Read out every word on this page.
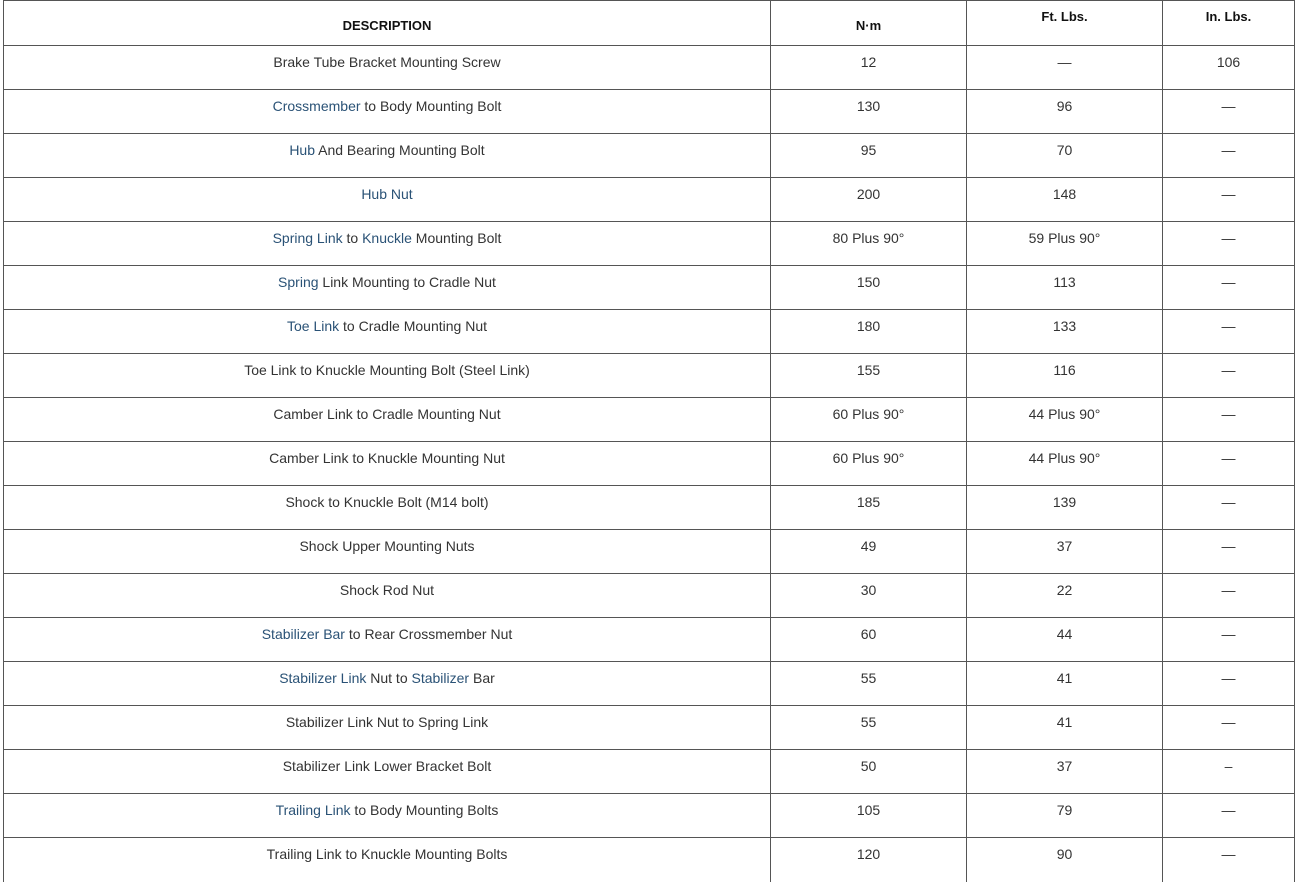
DESCRIPTION	N·m	Ft. Lbs.	In. Lbs.
Brake Tube Bracket Mounting Screw	12	—	106
Crossmember to Body Mounting Bolt	130	96	—
Hub And Bearing Mounting Bolt	95	70	—
Hub Nut	200	148	—
Spring Link to Knuckle Mounting Bolt	80 Plus 90°	59 Plus 90°	—
Spring Link Mounting to Cradle Nut	150	113	—
Toe Link to Cradle Mounting Nut	180	133	—
Toe Link to Knuckle Mounting Bolt (Steel Link)	155	116	—
Camber Link to Cradle Mounting Nut	60 Plus 90°	44 Plus 90°	—
Camber Link to Knuckle Mounting Nut	60 Plus 90°	44 Plus 90°	—
Shock to Knuckle Bolt (M14 bolt)	185	139	—
Shock Upper Mounting Nuts	49	37	—
Shock Rod Nut	30	22	—
Stabilizer Bar to Rear Crossmember Nut	60	44	—
Stabilizer Link Nut to Stabilizer Bar	55	41	—
Stabilizer Link Nut to Spring Link	55	41	—
Stabilizer Link Lower Bracket Bolt	50	37	–
Trailing Link to Body Mounting Bolts	105	79	—
Trailing Link to Knuckle Mounting Bolts	120	90	—
